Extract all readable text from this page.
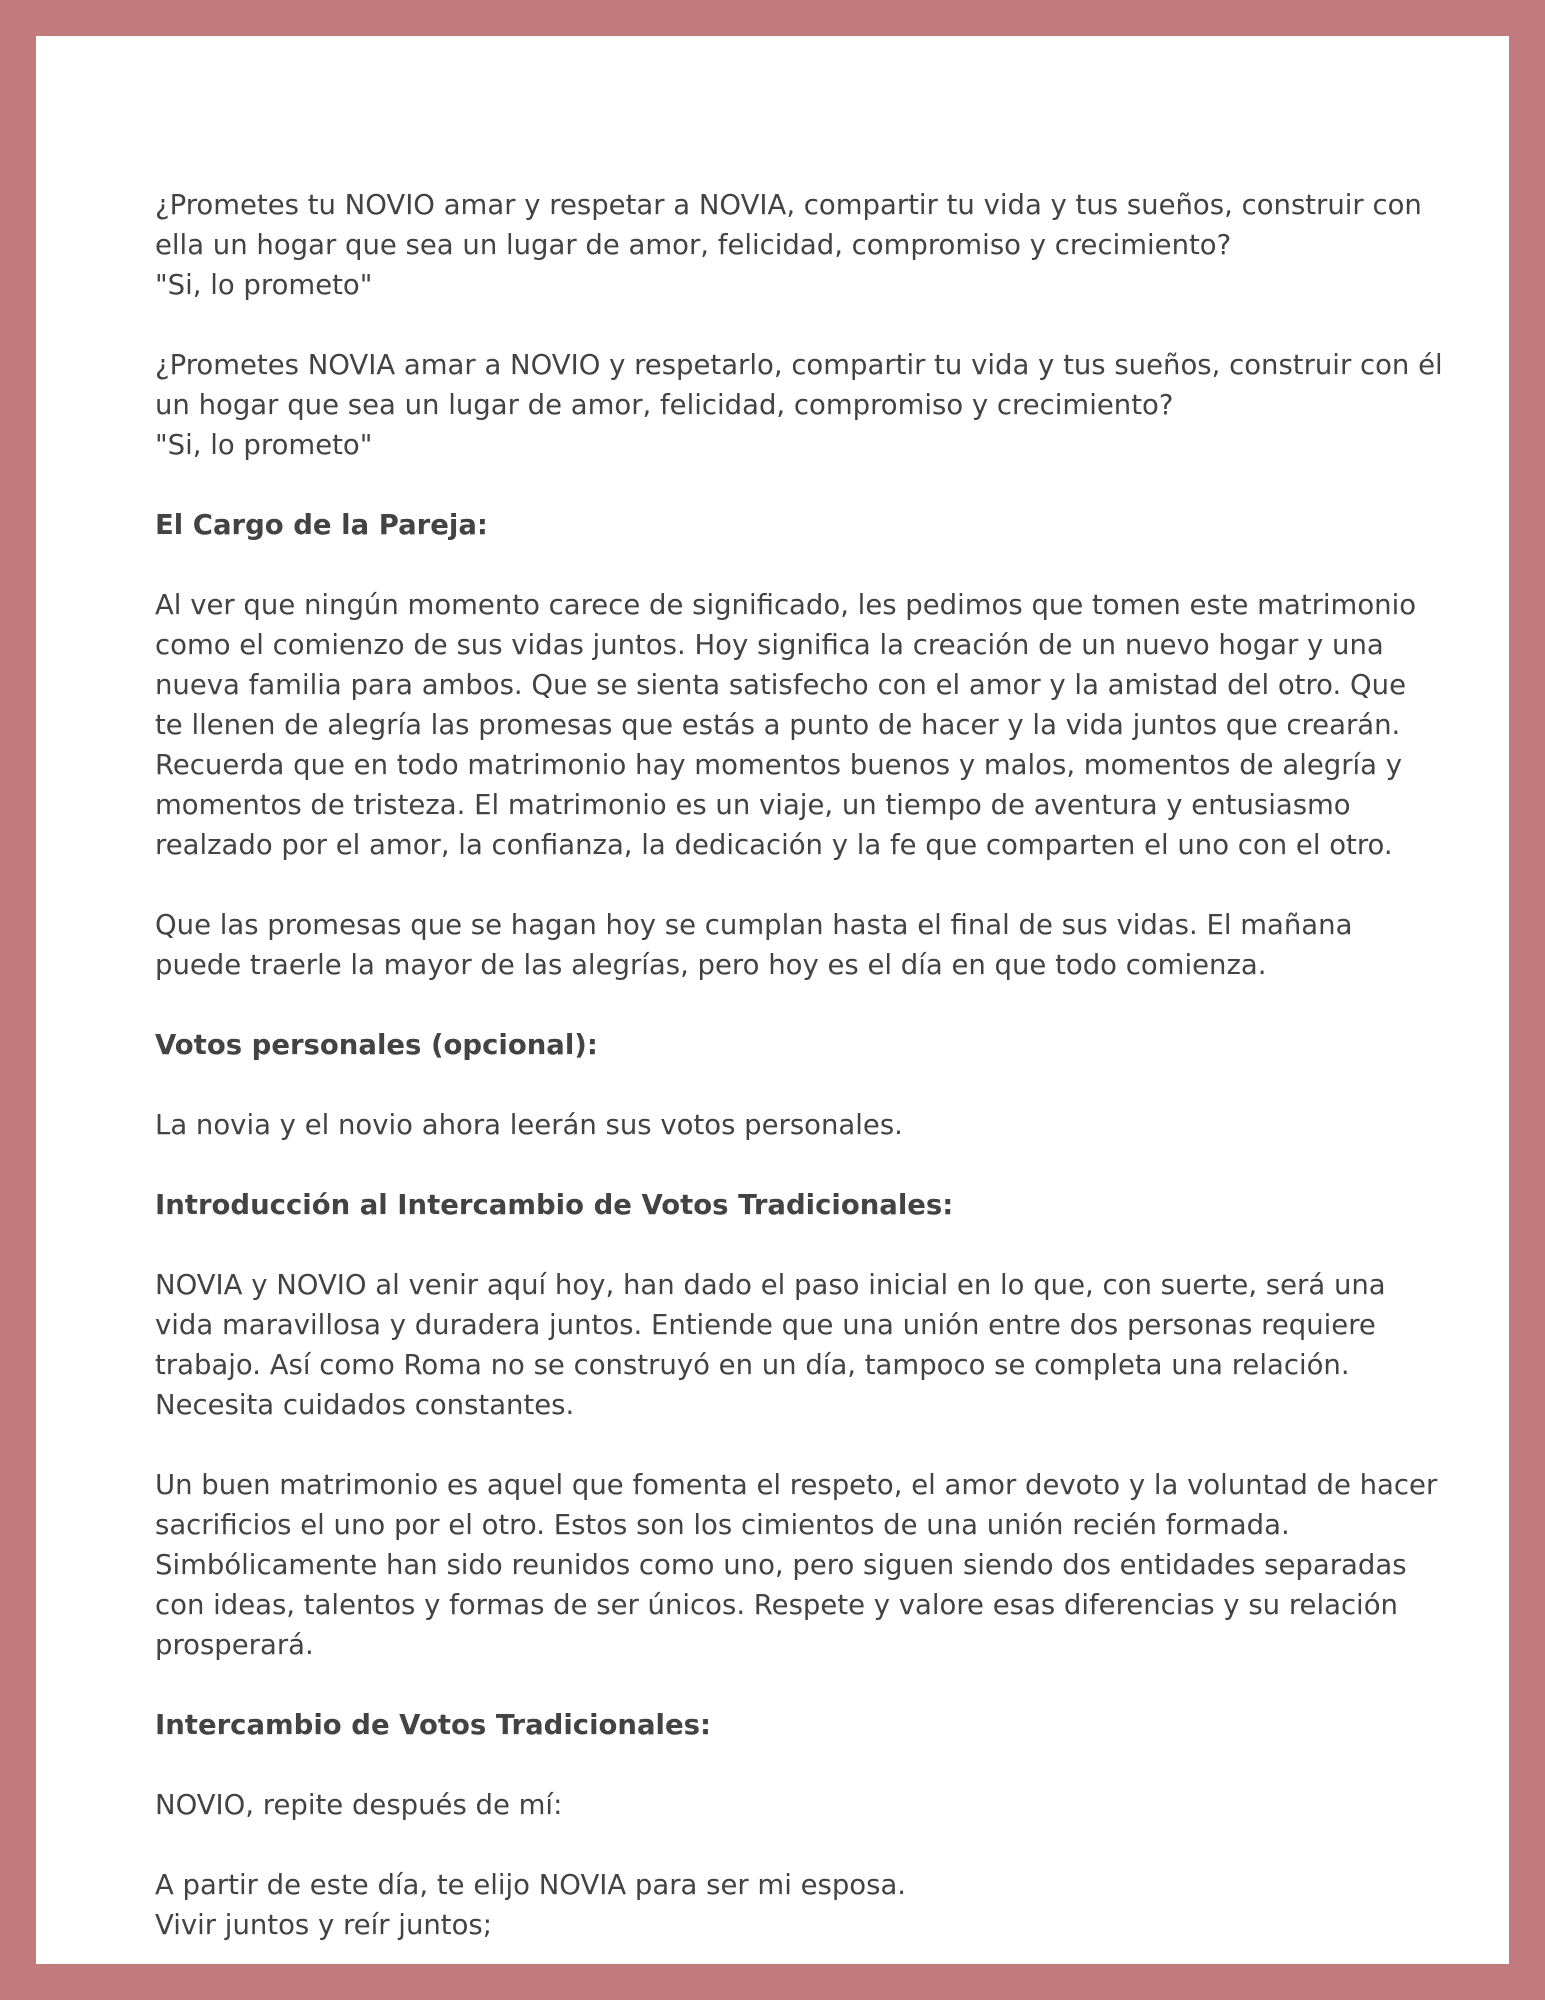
¿Prometes tu NOVIO amar y respetar a NOVIA, compartir tu vida y tus sueños, construir con
ella un hogar que sea un lugar de amor, felicidad, compromiso y crecimiento?
"Si, lo prometo"

¿Prometes NOVIA amar a NOVIO y respetarlo, compartir tu vida y tus sueños, construir con él
un hogar que sea un lugar de amor, felicidad, compromiso y crecimiento?
"Si, lo prometo"

El Cargo de la Pareja:

Al ver que ningún momento carece de significado, les pedimos que tomen este matrimonio
como el comienzo de sus vidas juntos. Hoy significa la creación de un nuevo hogar y una
nueva familia para ambos. Que se sienta satisfecho con el amor y la amistad del otro. Que
te llenen de alegría las promesas que estás a punto de hacer y la vida juntos que crearán.
Recuerda que en todo matrimonio hay momentos buenos y malos, momentos de alegría y
momentos de tristeza. El matrimonio es un viaje, un tiempo de aventura y entusiasmo
realzado por el amor, la confianza, la dedicación y la fe que comparten el uno con el otro.

Que las promesas que se hagan hoy se cumplan hasta el final de sus vidas. El mañana
puede traerle la mayor de las alegrías, pero hoy es el día en que todo comienza.

Votos personales (opcional):

La novia y el novio ahora leerán sus votos personales.

Introducción al Intercambio de Votos Tradicionales:

NOVIA y NOVIO al venir aquí hoy, han dado el paso inicial en lo que, con suerte, será una
vida maravillosa y duradera juntos. Entiende que una unión entre dos personas requiere
trabajo. Así como Roma no se construyó en un día, tampoco se completa una relación.
Necesita cuidados constantes.

Un buen matrimonio es aquel que fomenta el respeto, el amor devoto y la voluntad de hacer
sacrificios el uno por el otro. Estos son los cimientos de una unión recién formada.
Simbólicamente han sido reunidos como uno, pero siguen siendo dos entidades separadas
con ideas, talentos y formas de ser únicos. Respete y valore esas diferencias y su relación
prosperará.

Intercambio de Votos Tradicionales:

NOVIO, repite después de mí:

A partir de este día, te elijo NOVIA para ser mi esposa.
Vivir juntos y reír juntos;
